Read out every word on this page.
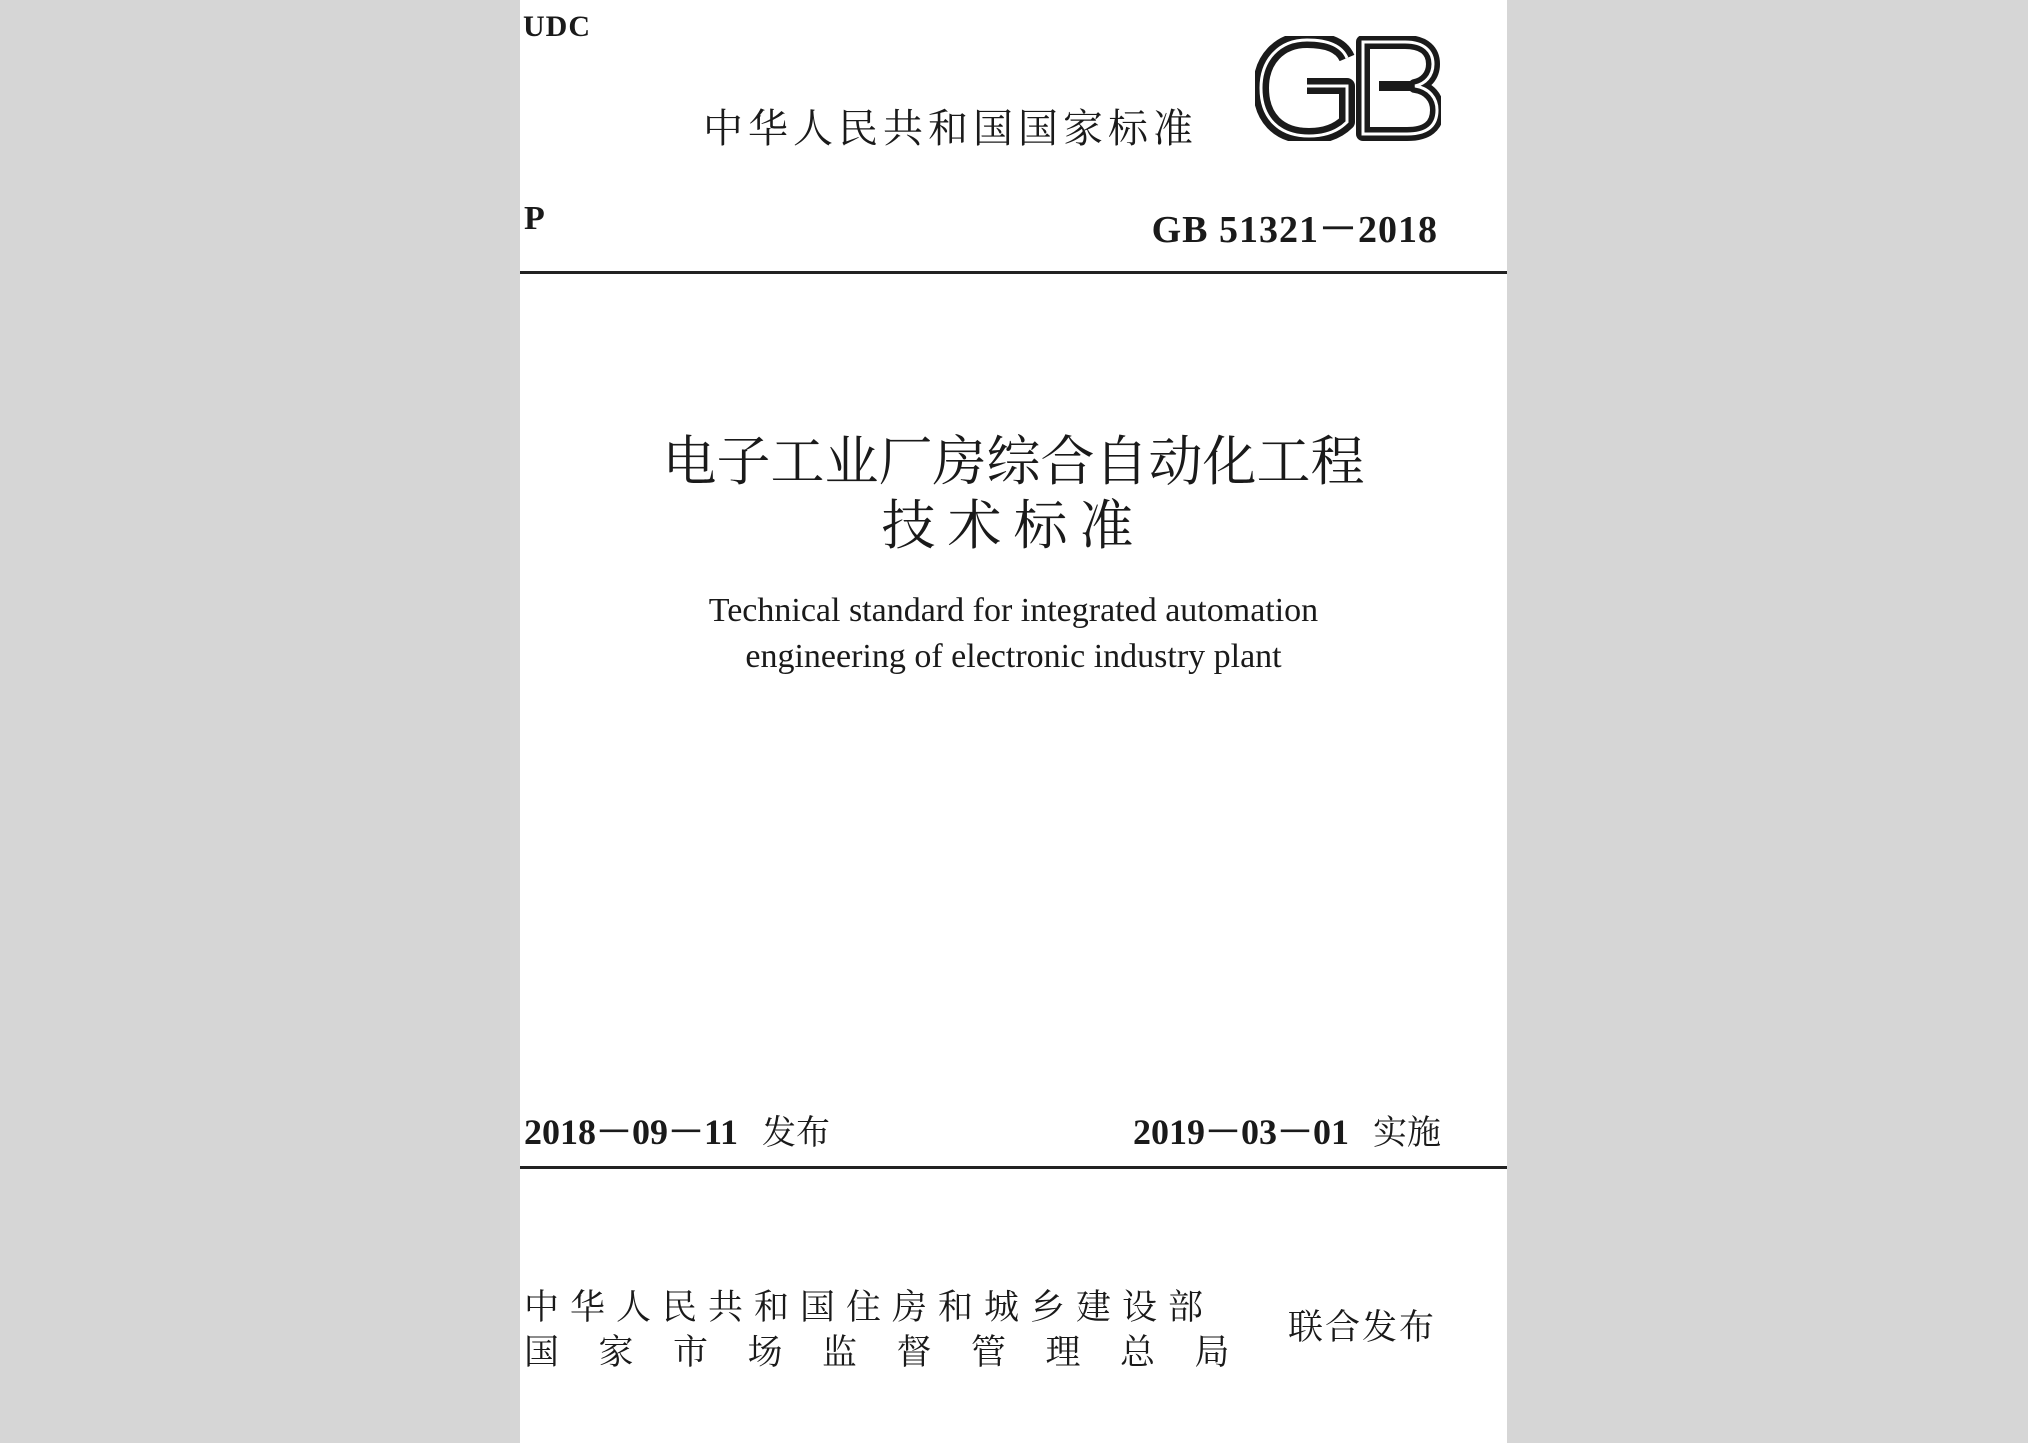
UDC
中华人民共和国国家标准
P	GB 51321－2018
电子工业厂房综合自动化工程
技术标准
Technical standard for integrated automation
engineering of electronic industry plant
2018－09－11 发布	2019－03－01 实施
中华人民共和国住房和城乡建设部
国家市场监督管理总局
联合发布
